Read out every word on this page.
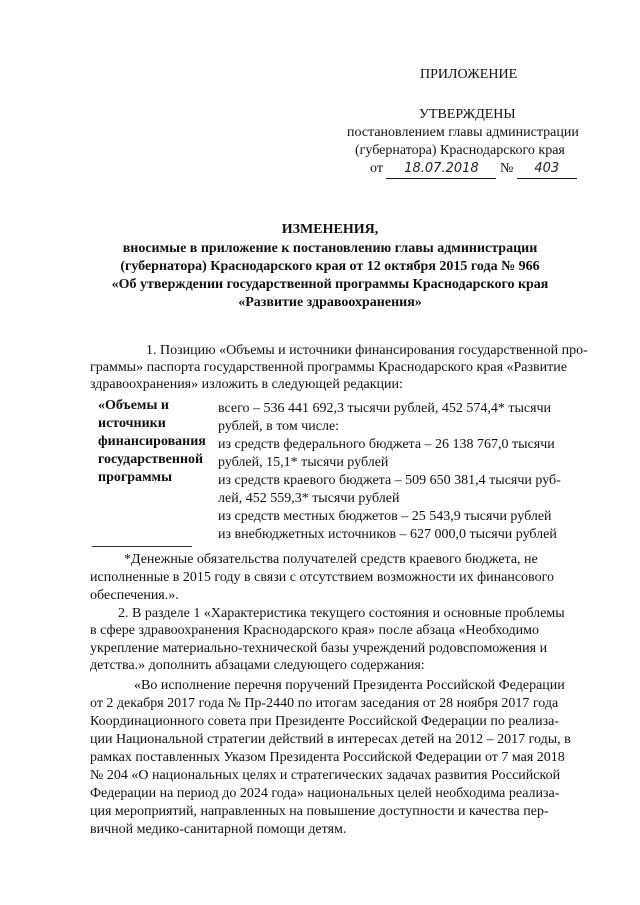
ПРИЛОЖЕНИЕ
УТВЕРЖДЕНЫ
постановлением главы администрации
(губернатора) Краснодарского края
от 18.07.2018 № 403
ИЗМЕНЕНИЯ,
вносимые в приложение к постановлению главы администрации
(губернатора) Краснодарского края от 12 октября 2015 года № 966
«Об утверждении государственной программы Краснодарского края
«Развитие здравоохранения»
1. Позицию «Объемы и источники финансирования государственной про-
граммы» паспорта государственной программы Краснодарского края «Развитие
здравоохранения» изложить в следующей редакции:
«Объемы и
источники
финансирования
государственной
программы
всего – 536 441 692,3 тысячи рублей, 452 574,4* тысячи
рублей, в том числе:
из средств федерального бюджета – 26 138 767,0 тысячи
рублей, 15,1* тысячи рублей
из средств краевого бюджета – 509 650 381,4 тысячи руб-
лей, 452 559,3* тысячи рублей
из средств местных бюджетов – 25 543,9 тысячи рублей
из внебюджетных источников – 627 000,0 тысячи рублей
*Денежные обязательства получателей средств краевого бюджета, не
исполненные в 2015 году в связи с отсутствием возможности их финансового
обеспечения.».
2. В разделе 1 «Характеристика текущего состояния и основные проблемы
в сфере здравоохранения Краснодарского края» после абзаца «Необходимо
укрепление материально-технической базы учреждений родовспоможения и
детства.» дополнить абзацами следующего содержания:
«Во исполнение перечня поручений Президента Российской Федерации
от 2 декабря 2017 года № Пр-2440 по итогам заседания от 28 ноября 2017 года
Координационного совета при Президенте Российской Федерации по реализа-
ции Национальной стратегии действий в интересах детей на 2012 – 2017 годы, в
рамках поставленных Указом Президента Российской Федерации от 7 мая 2018
№ 204 «О национальных целях и стратегических задачах развития Российской
Федерации на период до 2024 года» национальных целей необходима реализа-
ция мероприятий, направленных на повышение доступности и качества пер-
вичной медико-санитарной помощи детям.
